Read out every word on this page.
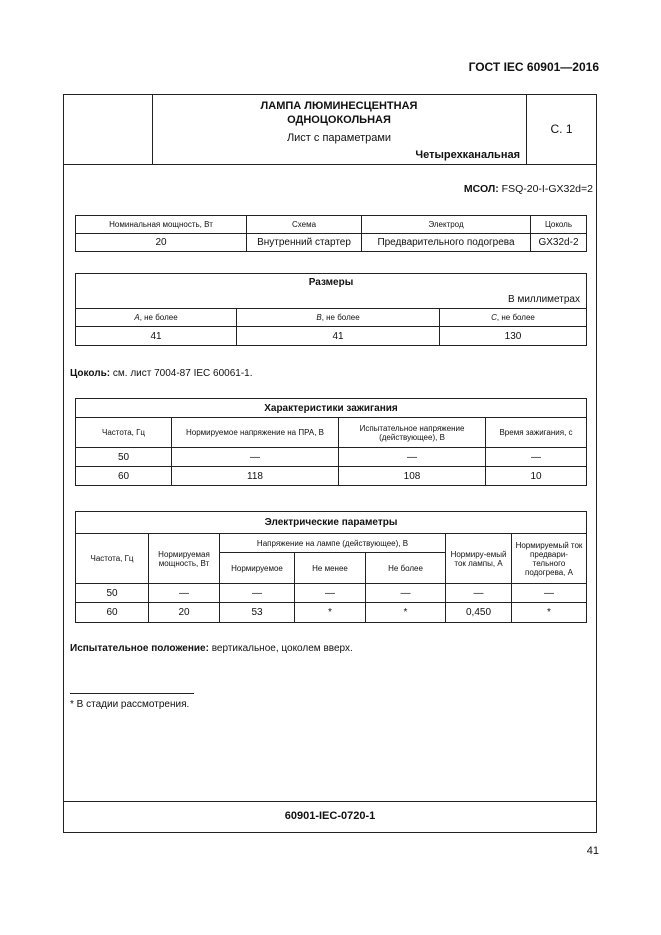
ГОСТ IEC 60901—2016
ЛАМПА ЛЮМИНЕСЦЕНТНАЯ
ОДНОЦОКОЛЬНАЯ
Лист с параметрами
Четырехканальная
С. 1
МСОЛ: FSQ-20-I-GX32d=2
Номинальная мощность, Вт	Схема	Электрод	Цоколь
20	Внутренний стартер	Предварительного подогрева	GX32d-2
Размеры		
В миллиметрах		
A, не более	B, не более	C, не более
41	41	130
Цоколь: см. лист 7004-87 IEC 60061-1.
Характеристики зажигания			
Частота, Гц	Нормируемое напряжение на ПРА, В	Испытательное напряжение (действующее), В	Время зажигания, с
50	—	—	—
60	118	108	10
Электрические параметры						
Частота, Гц	Нормируемая мощность, Вт	Напряжение на лампе (действующее), В			Нормиру-емый ток лампы, А	Нормируемый ток предвари-тельного подогрева, А
		Нормируемое	Не менее	Не более		
50	—	—	—	—	—	—
60	20	53	*	*	0,450	*
Испытательное положение: вертикальное, цоколем вверх.
* В стадии рассмотрения.
60901-IEC-0720-1
41
